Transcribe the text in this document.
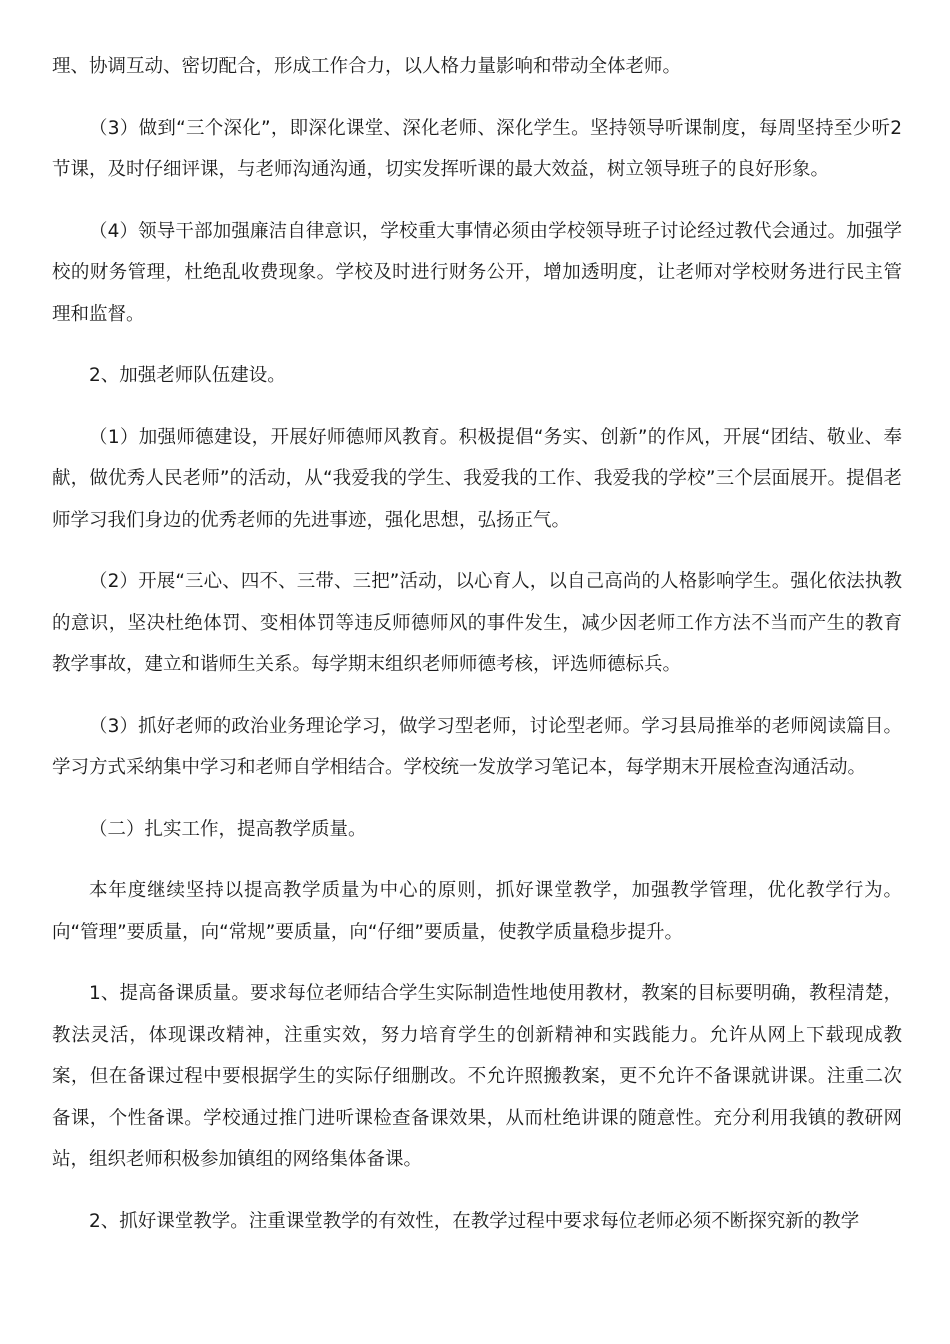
理、协调互动、密切配合，形成工作合力，以人格力量影响和带动全体老师。

（3）做到“三个深化”，即深化课堂、深化老师、深化学生。坚持领导听课制度，每周坚持至少听2节课，及时仔细评课，与老师沟通沟通，切实发挥听课的最大效益，树立领导班子的良好形象。

（4）领导干部加强廉洁自律意识，学校重大事情必须由学校领导班子讨论经过教代会通过。加强学校的财务管理，杜绝乱收费现象。学校及时进行财务公开，增加透明度，让老师对学校财务进行民主管理和监督。

2、加强老师队伍建设。

（1）加强师德建设，开展好师德师风教育。积极提倡“务实、创新”的作风，开展“团结、敬业、奉献，做优秀人民老师”的活动，从“我爱我的学生、我爱我的工作、我爱我的学校”三个层面展开。提倡老师学习我们身边的优秀老师的先进事迹，强化思想，弘扬正气。

（2）开展“三心、四不、三带、三把”活动，以心育人，以自己高尚的人格影响学生。强化依法执教的意识，坚决杜绝体罚、变相体罚等违反师德师风的事件发生，减少因老师工作方法不当而产生的教育教学事故，建立和谐师生关系。每学期末组织老师师德考核，评选师德标兵。

（3）抓好老师的政治业务理论学习，做学习型老师，讨论型老师。学习县局推举的老师阅读篇目。学习方式采纳集中学习和老师自学相结合。学校统一发放学习笔记本，每学期末开展检查沟通活动。

（二）扎实工作，提高教学质量。

本年度继续坚持以提高教学质量为中心的原则，抓好课堂教学，加强教学管理，优化教学行为。向“管理”要质量，向“常规”要质量，向“仔细”要质量，使教学质量稳步提升。

1、提高备课质量。要求每位老师结合学生实际制造性地使用教材，教案的目标要明确，教程清楚，教法灵活，体现课改精神，注重实效，努力培育学生的创新精神和实践能力。允许从网上下载现成教案，但在备课过程中要根据学生的实际仔细删改。不允许照搬教案，更不允许不备课就讲课。注重二次备课，个性备课。学校通过推门进听课检查备课效果，从而杜绝讲课的随意性。充分利用我镇的教研网站，组织老师积极参加镇组的网络集体备课。

2、抓好课堂教学。注重课堂教学的有效性，在教学过程中要求每位老师必须不断探究新的教学
